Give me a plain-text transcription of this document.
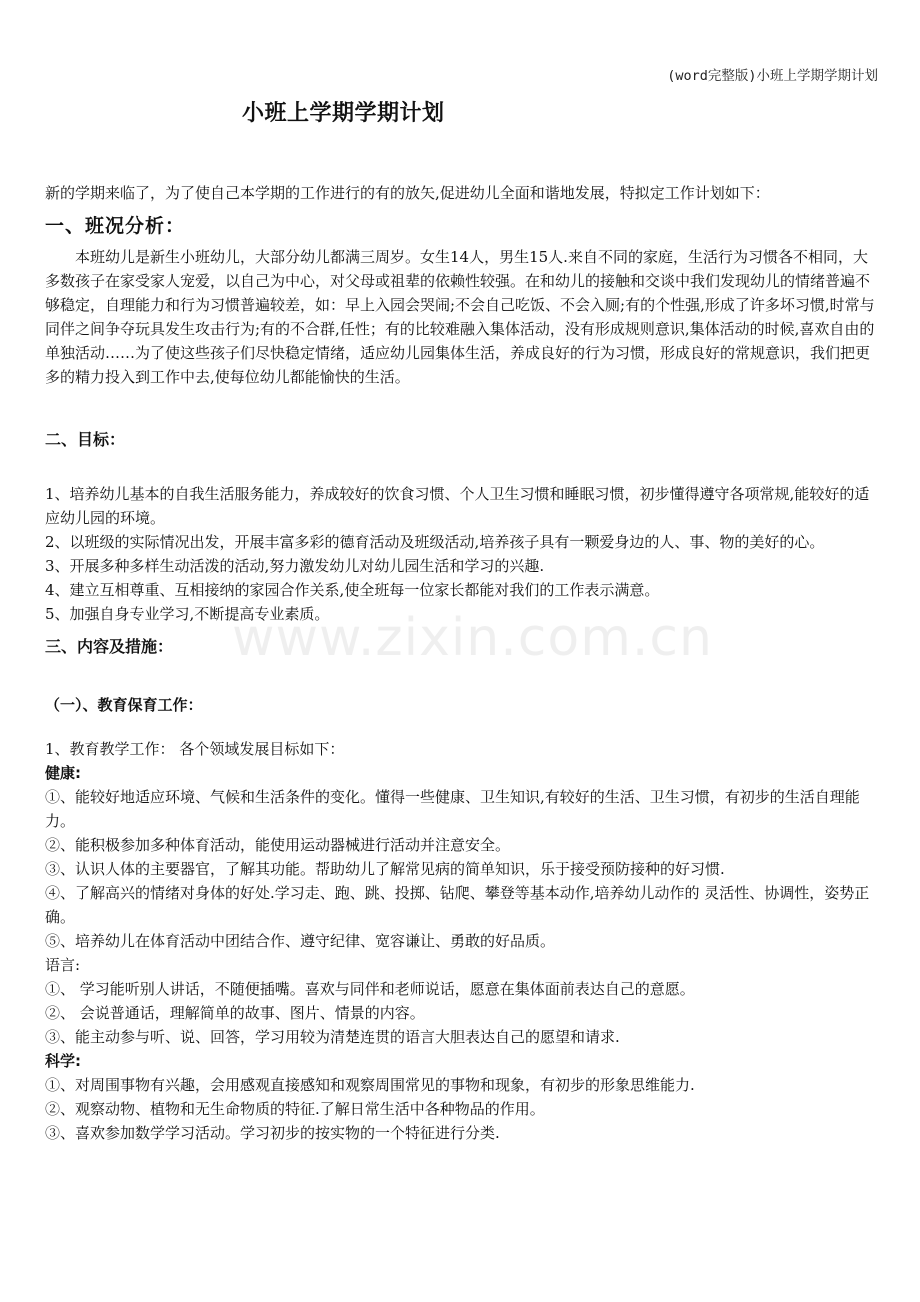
(word完整版)小班上学期学期计划
小班上学期学期计划
www.zixin.com.cn

新的学期来临了，为了使自己本学期的工作进行的有的放矢,促进幼儿全面和谐地发展，特拟定工作计划如下：

一、班况分析：

本班幼儿是新生小班幼儿，大部分幼儿都满三周岁。女生14人，男生15人.来自不同的家庭，生活行为习惯各不相同，大多数孩子在家受家人宠爱，以自己为中心，对父母或祖辈的依赖性较强。在和幼儿的接触和交谈中我们发现幼儿的情绪普遍不够稳定，自理能力和行为习惯普遍较差，如：早上入园会哭闹;不会自己吃饭、不会入厕;有的个性强,形成了许多坏习惯,时常与同伴之间争夺玩具发生攻击行为;有的不合群,任性；有的比较难融入集体活动，没有形成规则意识,集体活动的时候,喜欢自由的单独活动……为了使这些孩子们尽快稳定情绪，适应幼儿园集体生活，养成良好的行为习惯，形成良好的常规意识，我们把更多的精力投入到工作中去,使每位幼儿都能愉快的生活。

二、目标：

1、培养幼儿基本的自我生活服务能力，养成较好的饮食习惯、个人卫生习惯和睡眠习惯，初步懂得遵守各项常规,能较好的适应幼儿园的环境。

2、以班级的实际情况出发，开展丰富多彩的德育活动及班级活动,培养孩子具有一颗爱身边的人、事、物的美好的心。

3、开展多种多样生动活泼的活动,努力激发幼儿对幼儿园生活和学习的兴趣.

4、建立互相尊重、互相接纳的家园合作关系,使全班每一位家长都能对我们的工作表示满意。

5、加强自身专业学习,不断提高专业素质。

三、内容及措施：

（一）、教育保育工作：

1、教育教学工作： 各个领域发展目标如下：

健康:

①、能较好地适应环境、气候和生活条件的变化。懂得一些健康、卫生知识,有较好的生活、卫生习惯，有初步的生活自理能力。

②、能积极参加多种体育活动，能使用运动器械进行活动并注意安全。

③、认识人体的主要器官，了解其功能。帮助幼儿了解常见病的简单知识，乐于接受预防接种的好习惯.

④、了解高兴的情绪对身体的好处.学习走、跑、跳、投掷、钻爬、攀登等基本动作,培养幼儿动作的 灵活性、协调性，姿势正确。

⑤、培养幼儿在体育活动中团结合作、遵守纪律、宽容谦让、勇敢的好品质。

语言:

①、 学习能听别人讲话，不随便插嘴。喜欢与同伴和老师说话，愿意在集体面前表达自己的意愿。

②、 会说普通话，理解简单的故事、图片、情景的内容。

③、能主动参与听、说、回答，学习用较为清楚连贯的语言大胆表达自己的愿望和请求.

科学:

①、对周围事物有兴趣，会用感观直接感知和观察周围常见的事物和现象，有初步的形象思维能力.

②、观察动物、植物和无生命物质的特征.了解日常生活中各种物品的作用。

③、喜欢参加数学学习活动。学习初步的按实物的一个特征进行分类.
